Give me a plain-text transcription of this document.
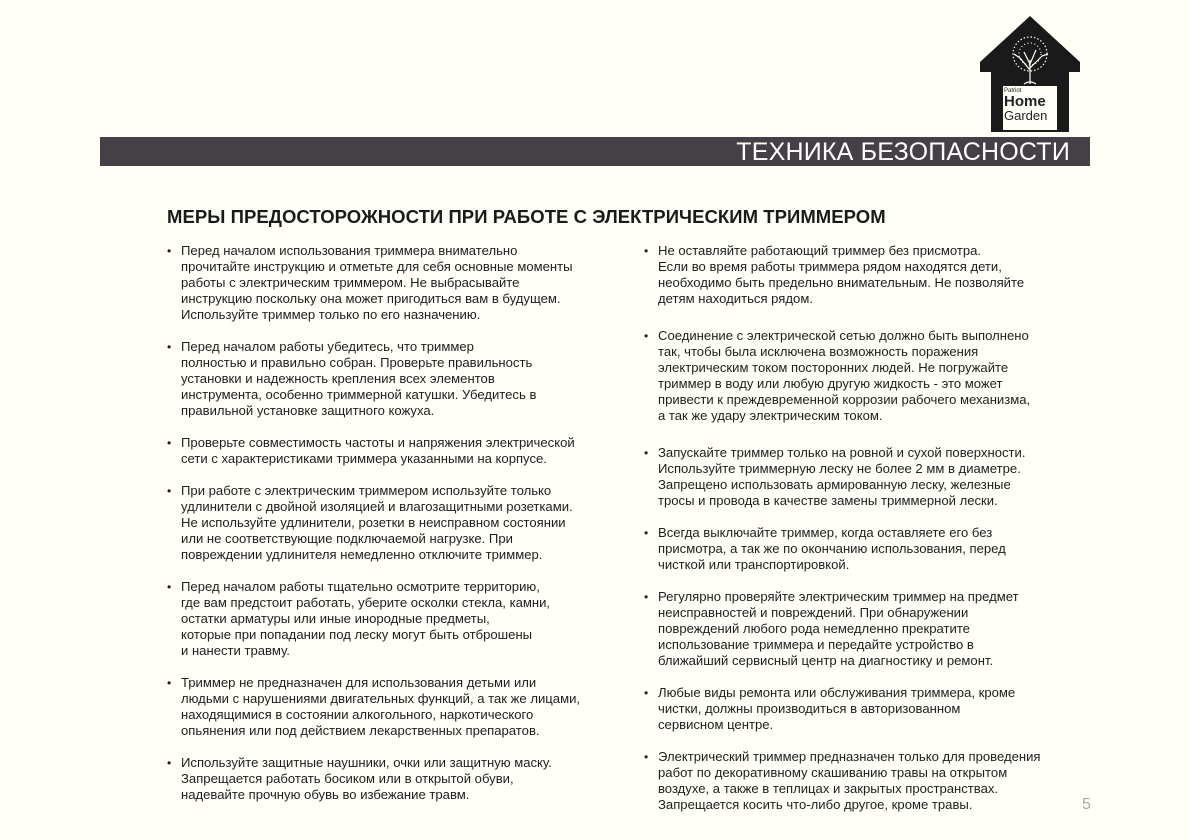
Patriot
Home
Garden
ТЕХНИКА БЕЗОПАСНОСТИ
МЕРЫ ПРЕДОСТОРОЖНОСТИ ПРИ РАБОТЕ С ЭЛЕКТРИЧЕСКИМ ТРИММЕРОМ
• Перед началом использования триммера внимательно
прочитайте инструкцию и отметьте для себя основные моменты
работы с электрическим триммером. Не выбрасывайте
инструкцию поскольку она может пригодиться вам в будущем.
Используйте триммер только по его назначению.
• Перед началом работы убедитесь, что триммер
полностью и правильно собран. Проверьте правильность
установки и надежность крепления всех элементов
инструмента, особенно триммерной катушки. Убедитесь в
правильной установке защитного кожуха.
• Проверьте совместимость частоты и напряжения электрической
сети с характеристиками триммера указанными на корпусе.
• При работе с электрическим триммером используйте только
удлинители с двойной изоляцией и влагозащитными розетками.
Не используйте удлинители, розетки в неисправном состоянии
или не соответствующие подключаемой нагрузке. При
повреждении удлинителя немедленно отключите триммер.
• Перед началом работы тщательно осмотрите территорию,
где вам предстоит работать, уберите осколки стекла, камни,
остатки арматуры или иные инородные предметы,
которые при попадании под леску могут быть отброшены
и нанести травму.
• Триммер не предназначен для использования детьми или
людьми с нарушениями двигательных функций, а так же лицами,
находящимися в состоянии алкогольного, наркотического
опьянения или под действием лекарственных препаратов.
• Используйте защитные наушники, очки или защитную маску.
Запрещается работать босиком или в открытой обуви,
надевайте прочную обувь во избежание травм.
• Не оставляйте работающий триммер без присмотра.
Если во время работы триммера рядом находятся дети,
необходимо быть предельно внимательным. Не позволяйте
детям находиться рядом.
• Соединение с электрической сетью должно быть выполнено
так, чтобы была исключена возможность поражения
электрическим током посторонних людей. Не погружайте
триммер в воду или любую другую жидкость - это может
привести к преждевременной коррозии рабочего механизма,
а так же удару электрическим током.
• Запускайте триммер только на ровной и сухой поверхности.
Используйте триммерную леску не более 2 мм в диаметре.
Запрещено использовать армированную леску, железные
тросы и провода в качестве замены триммерной лески.
• Всегда выключайте триммер, когда оставляете его без
присмотра, а так же по окончанию использования, перед
чисткой или транспортировкой.
• Регулярно проверяйте электрическим триммер на предмет
неисправностей и повреждений. При обнаружении
повреждений любого рода немедленно прекратите
использование триммера и передайте устройство в
ближайший сервисный центр на диагностику и ремонт.
• Любые виды ремонта или обслуживания триммера, кроме
чистки, должны производиться в авторизованном
сервисном центре.
• Электрический триммер предназначен только для проведения
работ по декоративному скашиванию травы на открытом
воздухе, а также в теплицах и закрытых пространствах.
Запрещается косить что-либо другое, кроме травы.	5
